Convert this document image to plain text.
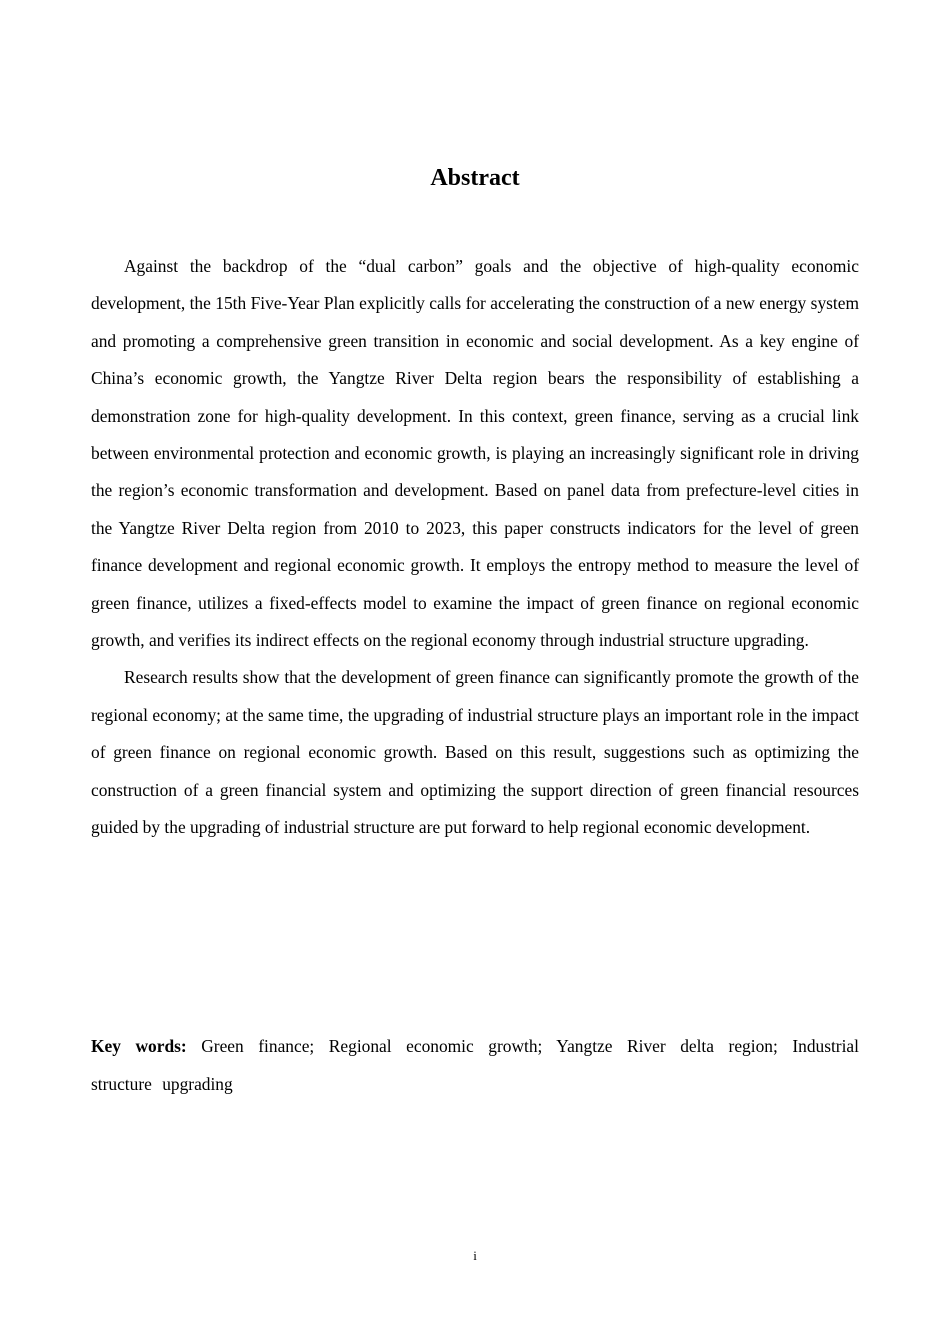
Abstract

Against the backdrop of the “dual carbon” goals and the objective of high-quality economic development, the 15th Five-Year Plan explicitly calls for accelerating the construction of a new energy system and promoting a comprehensive green transition in economic and social development. As a key engine of China’s economic growth, the Yangtze River Delta region bears the responsibility of establishing a demonstration zone for high-quality development. In this context, green finance, serving as a crucial link between environmental protection and economic growth, is playing an increasingly significant role in driving the region’s economic transformation and development. Based on panel data from prefecture-level cities in the Yangtze River Delta region from 2010 to 2023, this paper constructs indicators for the level of green finance development and regional economic growth. It employs the entropy method to measure the level of green finance, utilizes a fixed-effects model to examine the impact of green finance on regional economic growth, and verifies its indirect effects on the regional economy through industrial structure upgrading.

Research results show that the development of green finance can significantly promote the growth of the regional economy; at the same time, the upgrading of industrial structure plays an important role in the impact of green finance on regional economic growth. Based on this result, suggestions such as optimizing the construction of a green financial system and optimizing the support direction of green financial resources guided by the upgrading of industrial structure are put forward to help regional economic development.

Key words: Green finance; Regional economic growth; Yangtze River delta region; Industrial structure upgrading

i
